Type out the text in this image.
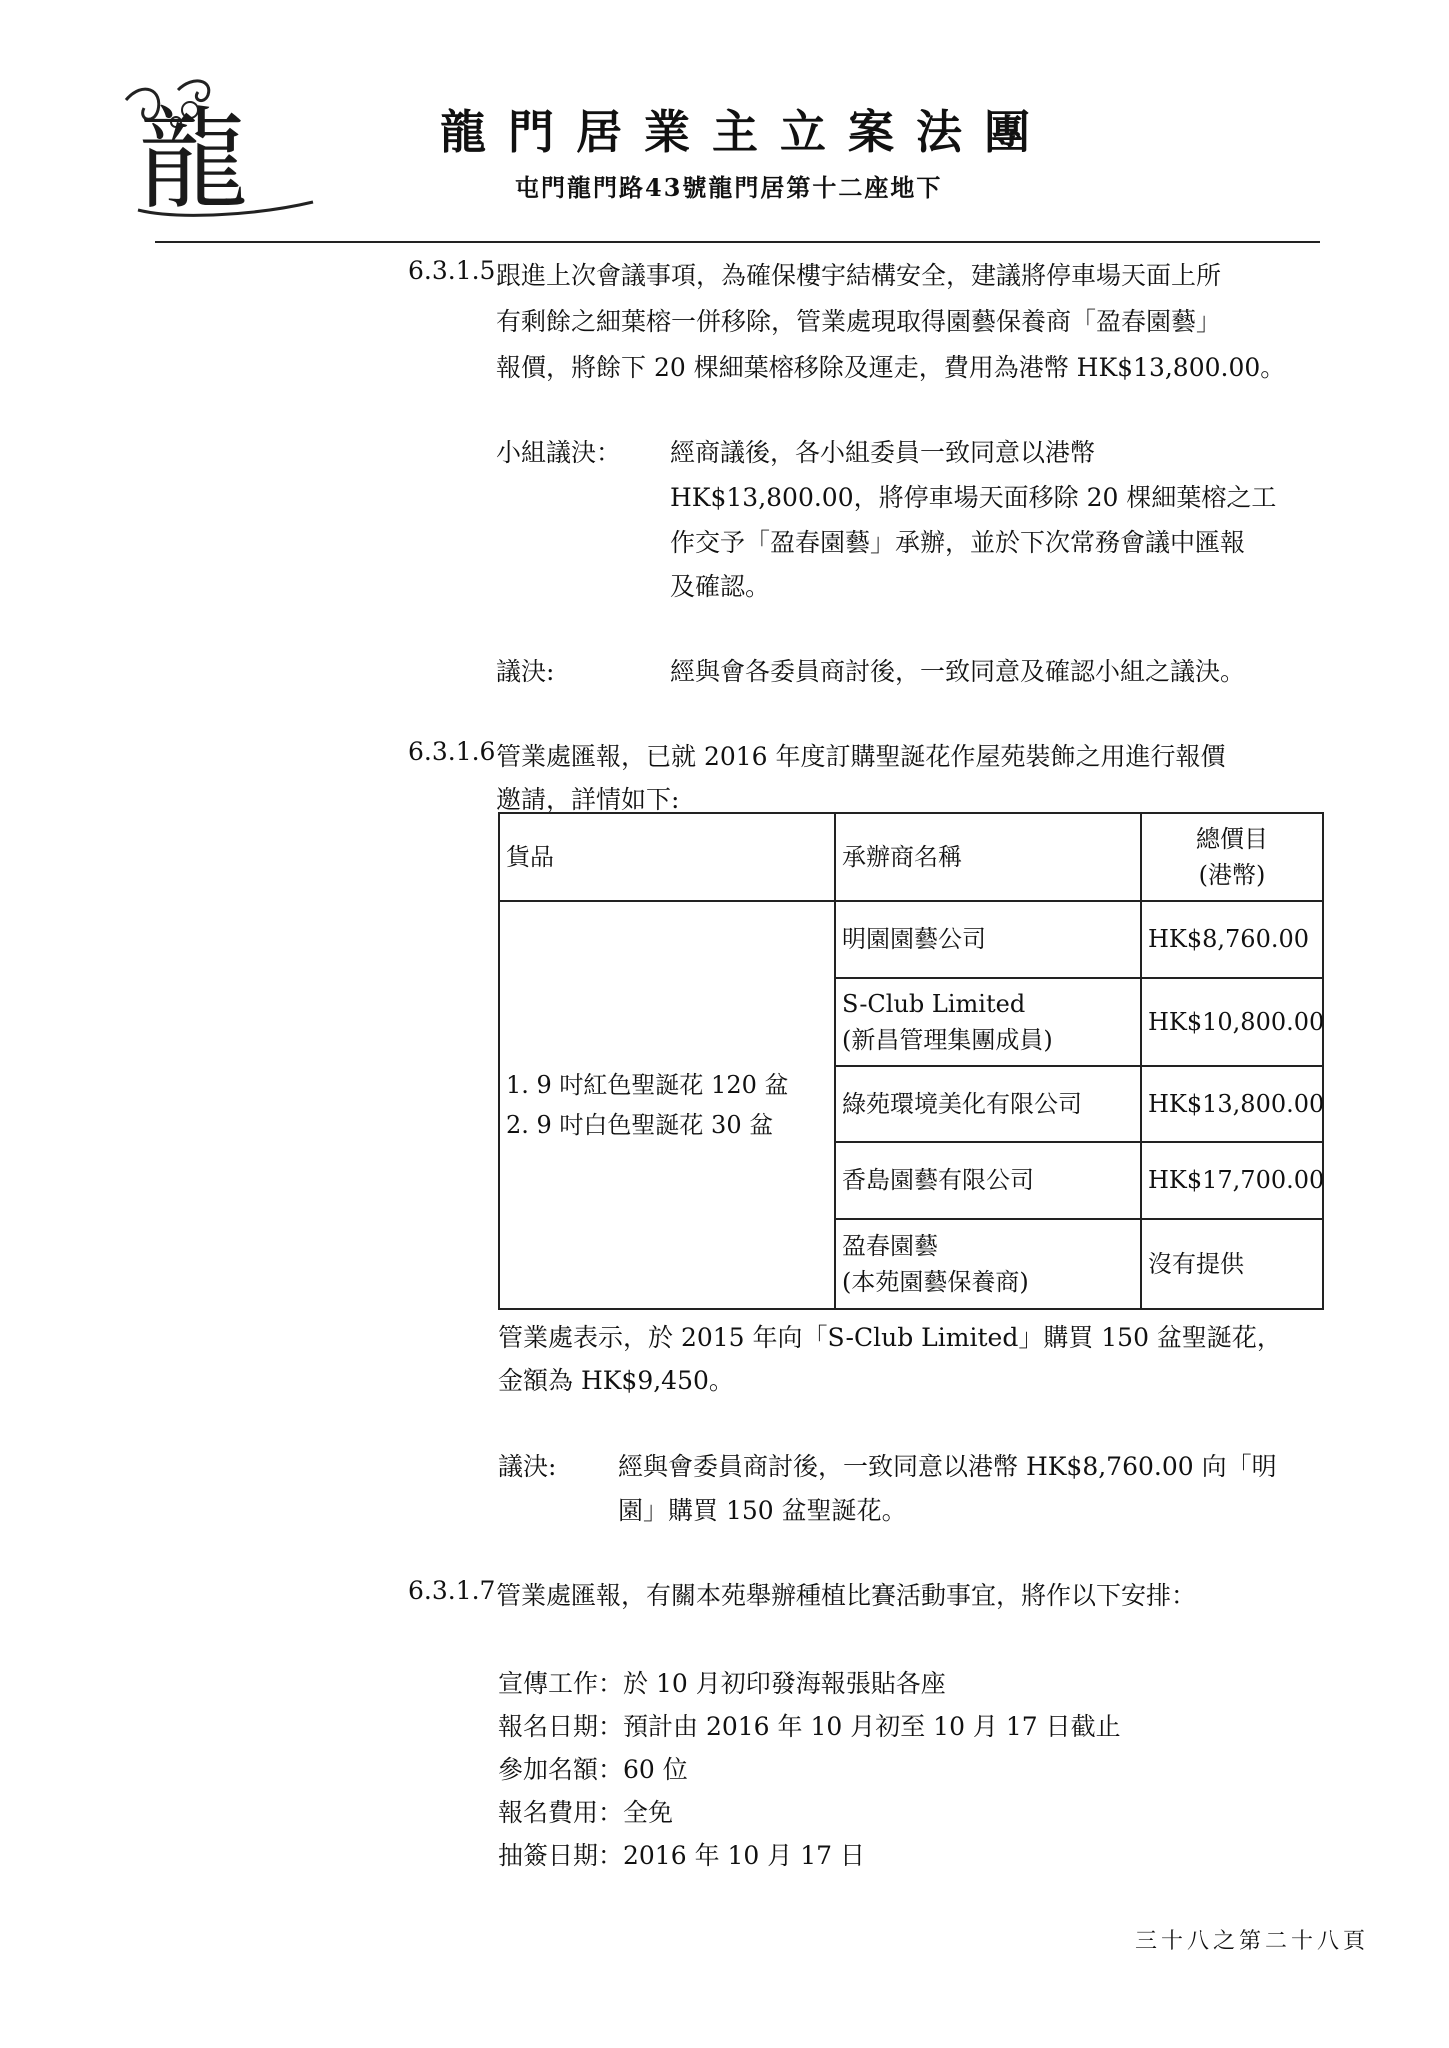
龍	龍門居業主立案法團
屯門龍門路43號龍門居第十二座地下
6.3.1.5 跟進上次會議事項，為確保樓宇結構安全，建議將停車場天面上所
有剩餘之細葉榕一併移除，管業處現取得園藝保養商「盈春園藝」
報價，將餘下 20 棵細葉榕移除及運走，費用為港幣 HK$13,800.00。
小組議決： 經商議後，各小組委員一致同意以港幣
HK$13,800.00，將停車場天面移除 20 棵細葉榕之工
作交予「盈春園藝」承辦，並於下次常務會議中匯報
及確認。
議決:	經與會各委員商討後，一致同意及確認小組之議決。
6.3.1.6 管業處匯報，已就 2016 年度訂購聖誕花作屋苑裝飾之用進行報價
邀請，詳情如下:
貨品	承辦商名稱	總價目
(港幣)

1. 9 吋紅色聖誕花 120 盆
2. 9 吋白色聖誕花 30 盆	明園園藝公司	HK$8,760.00

	S-Club Limited
(新昌管理集團成員)	HK$10,800.00

	綠苑環境美化有限公司	HK$13,800.00

	香島園藝有限公司	HK$17,700.00

	盈春園藝
(本苑園藝保養商)	沒有提供
管業處表示，於 2015 年向「S-Club Limited」購買 150 盆聖誕花，
金額為 HK$9,450。
議決: 經與會委員商討後，一致同意以港幣 HK$8,760.00 向「明
園」購買 150 盆聖誕花。
6.3.1.7 管業處匯報，有關本苑舉辦種植比賽活動事宜，將作以下安排：
宣傳工作：於 10 月初印發海報張貼各座
報名日期：預計由 2016 年 10 月初至 10 月 17 日截止
參加名額：60 位
報名費用：全免
抽簽日期：2016 年 10 月 17 日
三十八之第二十八頁
